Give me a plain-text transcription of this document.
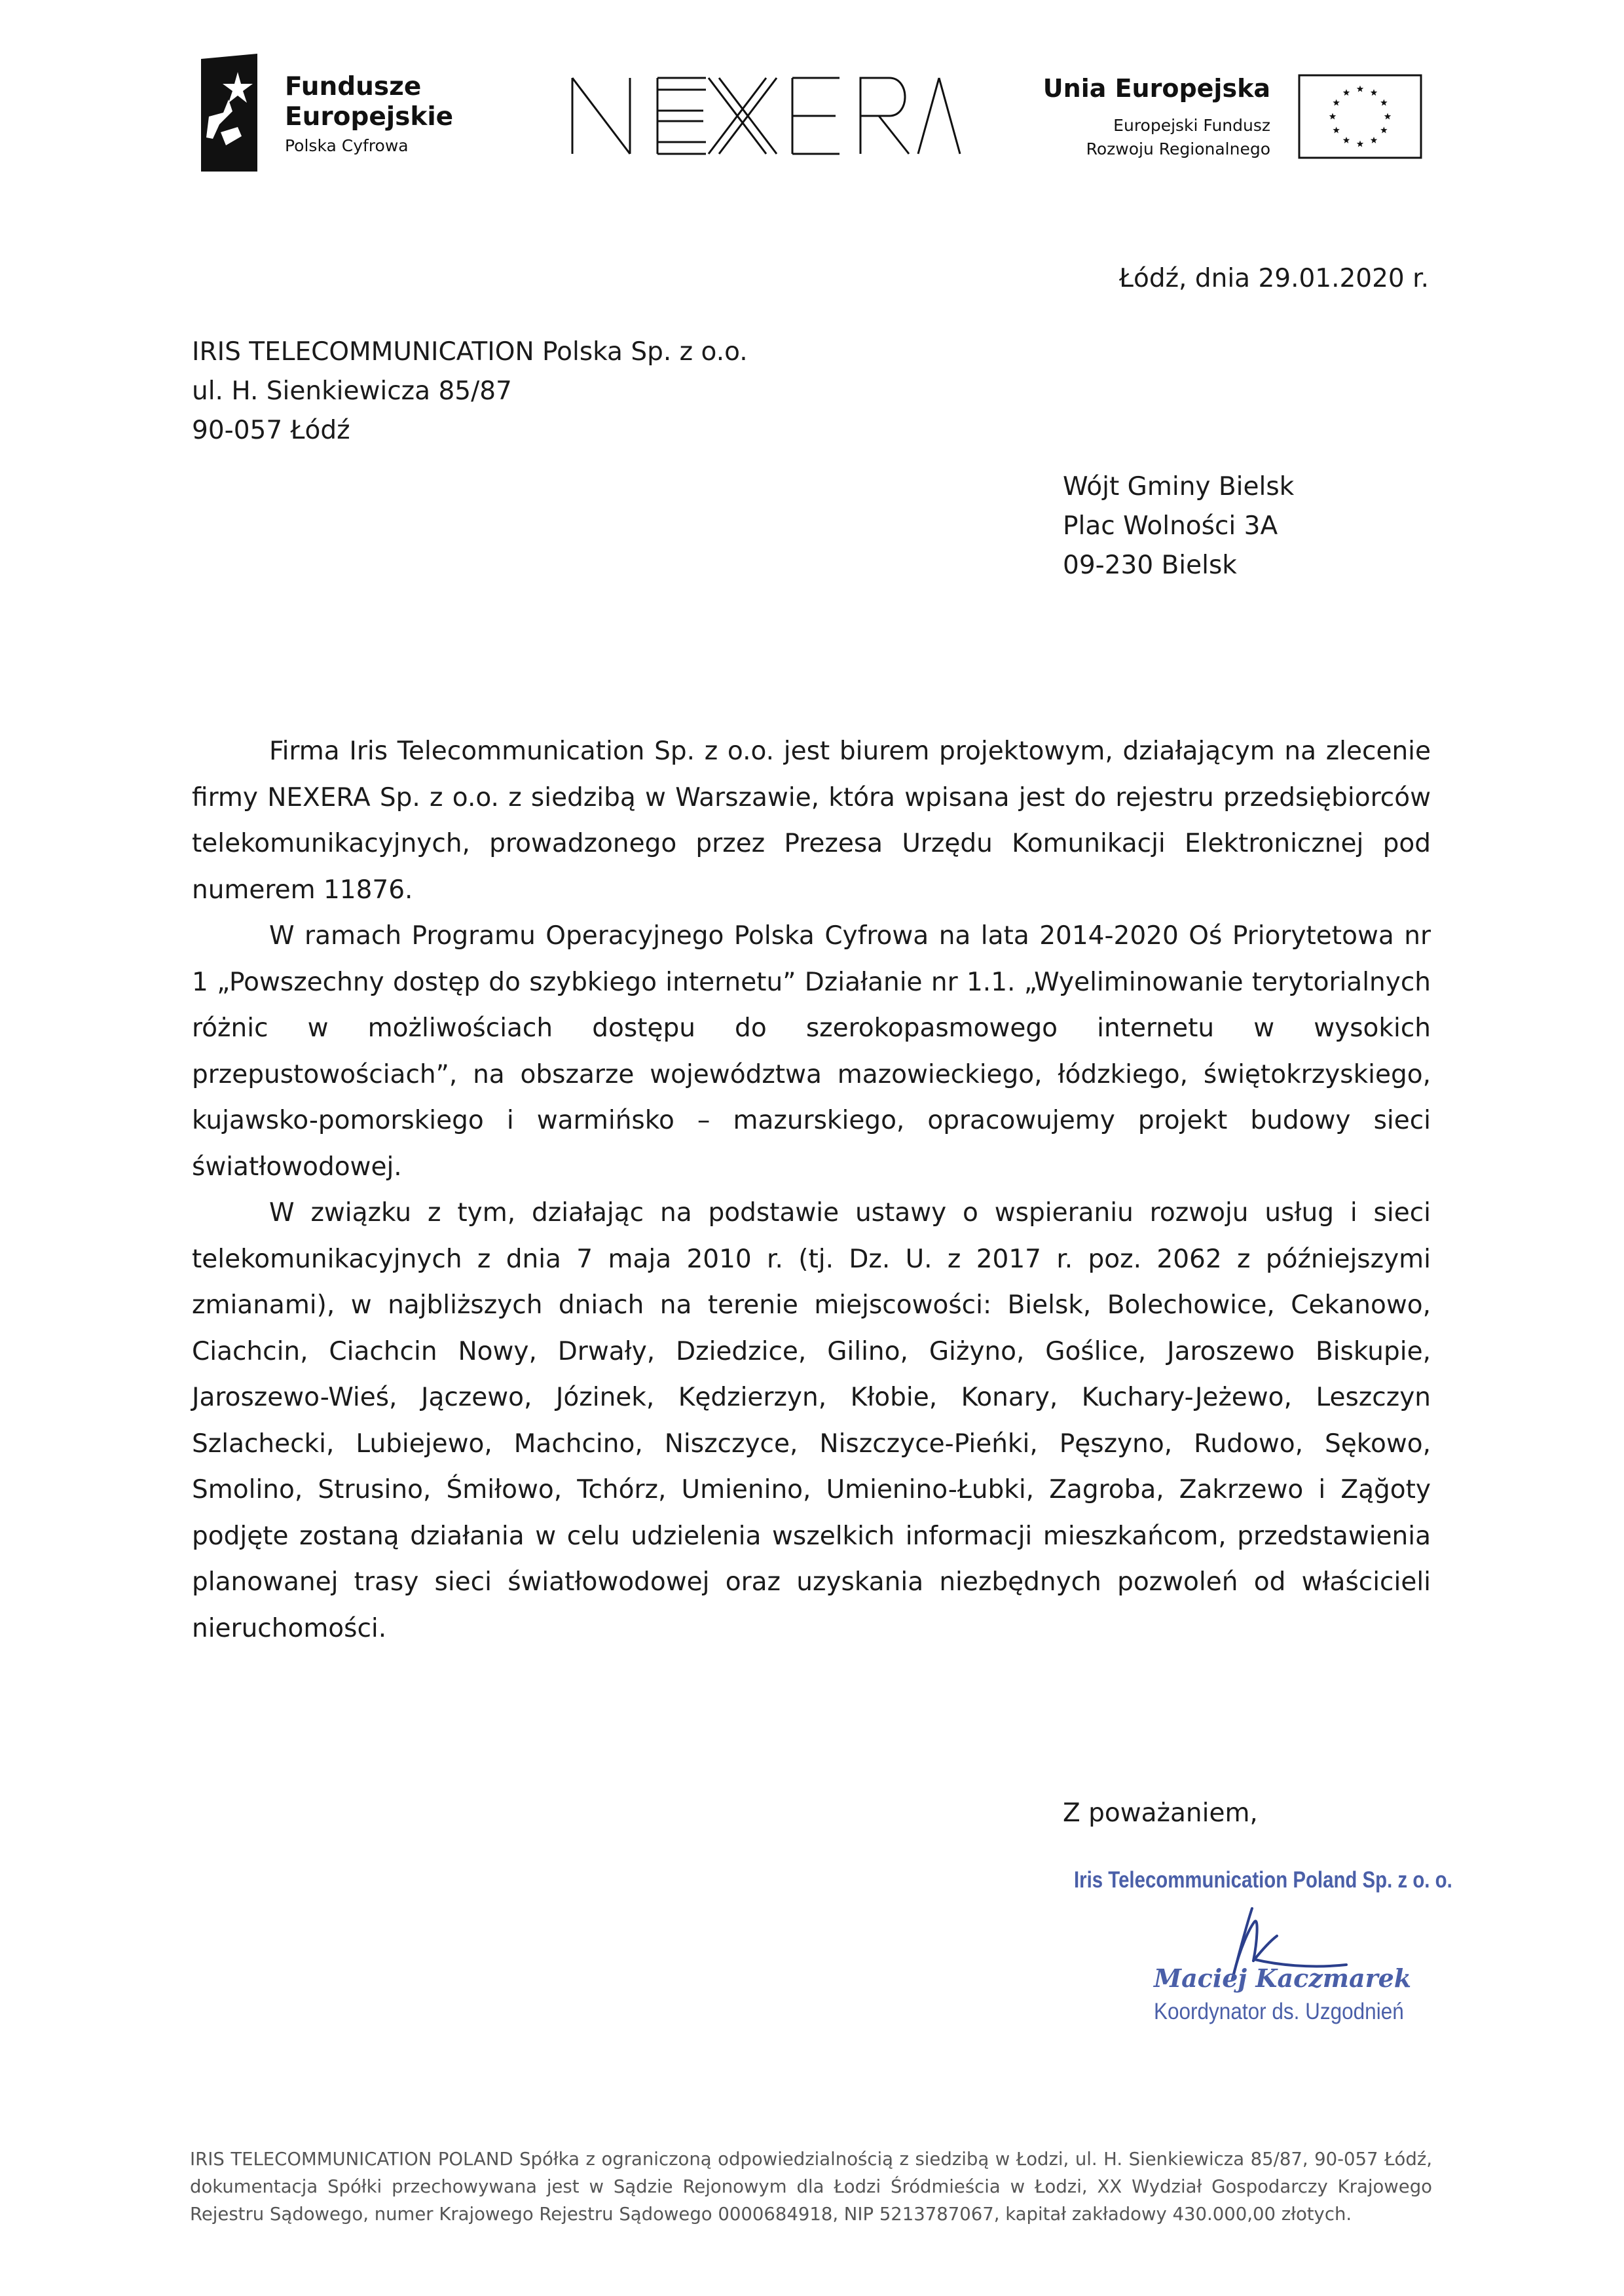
Fundusze
Europejskie
Polska Cyfrowa
Unia Europejska
Europejski Fundusz
Rozwoju Regionalnego
Łódź, dnia 29.01.2020 r.
IRIS TELECOMMUNICATION Polska Sp. z o.o.
ul. H. Sienkiewicza 85/87
90-057 Łódź
Wójt Gminy Bielsk
Plac Wolności 3A
09-230 Bielsk

Firma Iris Telecommunication Sp. z o.o. jest biurem projektowym, działającym na zlecenie firmy NEXERA Sp. z o.o. z siedzibą w Warszawie, która wpisana jest do rejestru przedsiębiorców telekomunikacyjnych, prowadzonego przez Prezesa Urzędu Komunikacji Elektronicznej pod numerem 11876.

W ramach Programu Operacyjnego Polska Cyfrowa na lata 2014-2020 Oś Priorytetowa nr 1 „Powszechny dostęp do szybkiego internetu” Działanie nr 1.1. „Wyeliminowanie terytorialnych różnic w możliwościach dostępu do szerokopasmowego internetu w wysokich przepustowościach”, na obszarze województwa mazowieckiego, łódzkiego, świętokrzyskiego, kujawsko-pomorskiego i warmińsko – mazurskiego, opracowujemy projekt budowy sieci światłowodowej.

W związku z tym, działając na podstawie ustawy o wspieraniu rozwoju usług i sieci telekomunikacyjnych z dnia 7 maja 2010 r. (tj. Dz. U. z 2017 r. poz. 2062 z późniejszymi zmianami), w najbliższych dniach na terenie miejscowości: Bielsk, Bolechowice, Cekanowo, Ciachcin, Ciachcin Nowy, Drwały, Dziedzice, Gilino, Giżyno, Goślice, Jaroszewo Biskupie, Jaroszewo-Wieś, Jączewo, Józinek, Kędzierzyn, Kłobie, Konary, Kuchary-Jeżewo, Leszczyn Szlachecki, Lubiejewo, Machcino, Niszczyce, Niszczyce-Pieńki, Pęszyno, Rudowo, Sękowo, Smolino, Strusino, Śmiłowo, Tchórz, Umienino, Umienino-Łubki, Zagroba, Zakrzewo i Ząğoty podjęte zostaną działania w celu udzielenia wszelkich informacji mieszkańcom, przedstawienia planowanej trasy sieci światłowodowej oraz uzyskania niezbędnych pozwoleń od właścicieli nieruchomości.

Z poważaniem,
Iris Telecommunication Poland Sp. z o. o.
Maciej Kaczmarek
Koordynator ds. Uzgodnień

IRIS TELECOMMUNICATION POLAND Spółka z ograniczoną odpowiedzialnością z siedzibą w Łodzi, ul. H. Sienkiewicza 85/87, 90-057 Łódź, dokumentacja Spółki przechowywana jest w Sądzie Rejonowym dla Łodzi Śródmieścia w Łodzi, XX Wydział Gospodarczy Krajowego Rejestru Sądowego, numer Krajowego Rejestru Sądowego 0000684918, NIP 5213787067, kapitał zakładowy 430.000,00 złotych.
